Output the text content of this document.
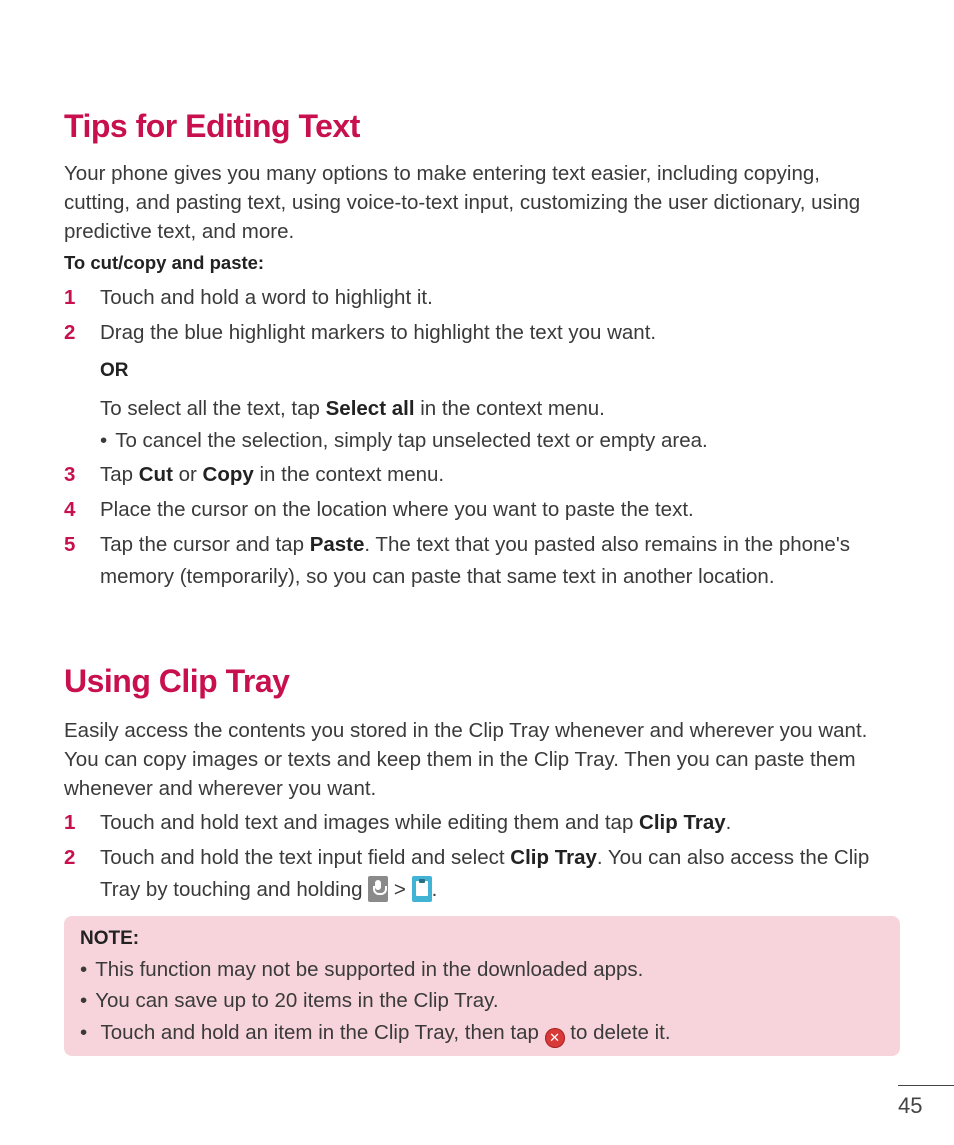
Tips for Editing Text
Your phone gives you many options to make entering text easier, including copying, cutting, and pasting text, using voice-to-text input, customizing the user dictionary, using predictive text, and more.
To cut/copy and paste:
1	Touch and hold a word to highlight it.
2	Drag the blue highlight markers to highlight the text you want.
OR
To select all the text, tap Select all in the context menu.
• To cancel the selection, simply tap unselected text or empty area.
3	Tap Cut or Copy in the context menu.
4	Place the cursor on the location where you want to paste the text.
5	Tap the cursor and tap Paste. The text that you pasted also remains in the phone's memory (temporarily), so you can paste that same text in another location.
Using Clip Tray
Easily access the contents you stored in the Clip Tray whenever and wherever you want. You can copy images or texts and keep them in the Clip Tray. Then you can paste them whenever and wherever you want.
1	Touch and hold text and images while editing them and tap Clip Tray.
2	Touch and hold the text input field and select Clip Tray. You can also access the Clip Tray by touching and holding  > .
NOTE:
• This function may not be supported in the downloaded apps.
• You can save up to 20 items in the Clip Tray.
• Touch and hold an item in the Clip Tray, then tap ✕ to delete it.
45
